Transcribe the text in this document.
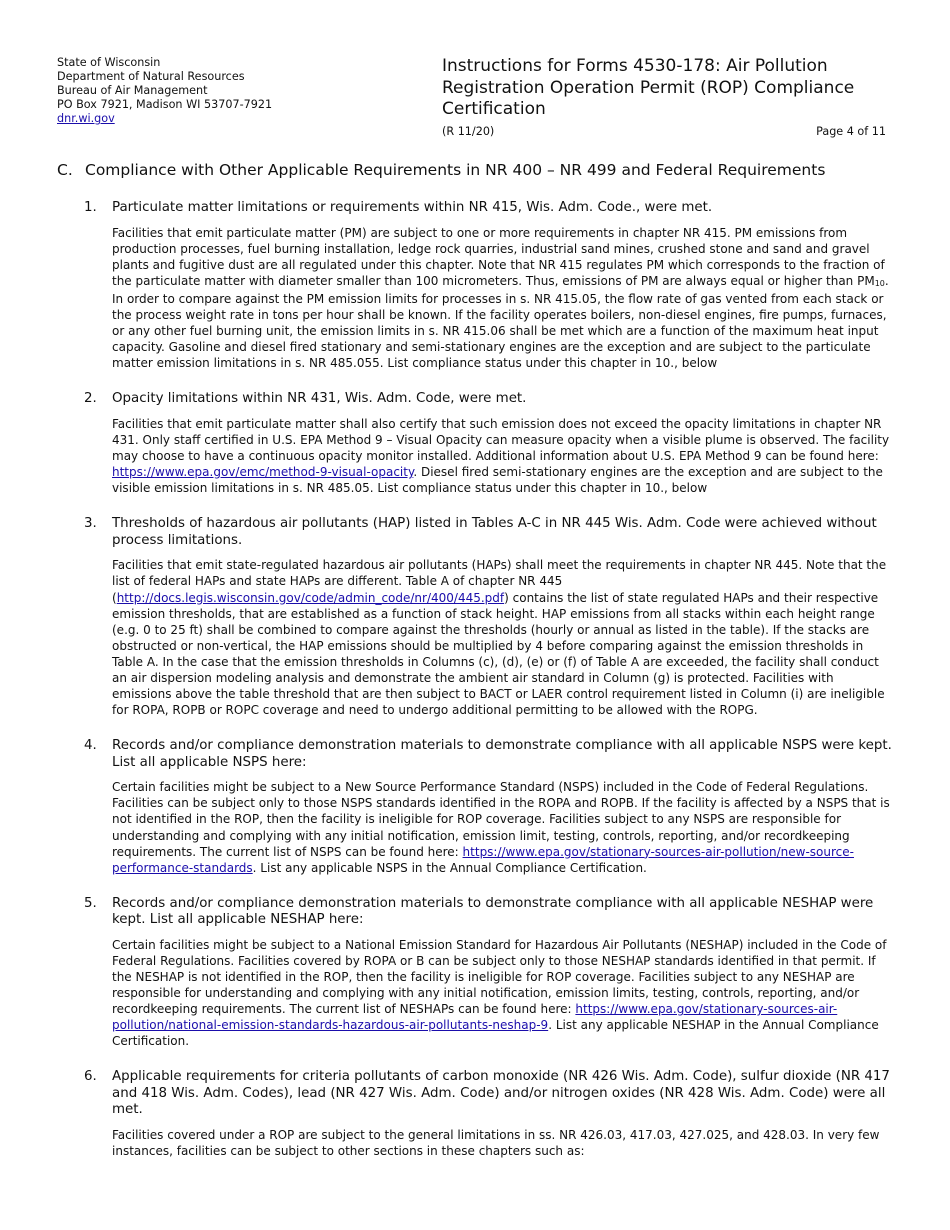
State of Wisconsin
Department of Natural Resources
Bureau of Air Management
PO Box 7921, Madison WI 53707-7921
dnr.wi.gov
Instructions for Forms 4530-178: Air Pollution Registration Operation Permit (ROP) Compliance Certification
(R 11/20)	Page 4 of 11
C. Compliance with Other Applicable Requirements in NR 400 – NR 499 and Federal Requirements
1. Particulate matter limitations or requirements within NR 415, Wis. Adm. Code., were met.

Facilities that emit particulate matter (PM) are subject to one or more requirements in chapter NR 415. PM emissions from production processes, fuel burning installation, ledge rock quarries, industrial sand mines, crushed stone and sand and gravel plants and fugitive dust are all regulated under this chapter. Note that NR 415 regulates PM which corresponds to the fraction of the particulate matter with diameter smaller than 100 micrometers. Thus, emissions of PM are always equal or higher than $PM_{10}$. In order to compare against the PM emission limits for processes in s. NR 415.05, the flow rate of gas vented from each stack or the process weight rate in tons per hour shall be known. If the facility operates boilers, non-diesel engines, fire pumps, furnaces, or any other fuel burning unit, the emission limits in s. NR 415.06 shall be met which are a function of the maximum heat input capacity. Gasoline and diesel fired stationary and semi-stationary engines are the exception and are subject to the particulate matter emission limitations in s. NR 485.055. List compliance status under this chapter in 10., below

2. Opacity limitations within NR 431, Wis. Adm. Code, were met.

Facilities that emit particulate matter shall also certify that such emission does not exceed the opacity limitations in chapter NR 431. Only staff certified in U.S. EPA Method 9 – Visual Opacity can measure opacity when a visible plume is observed. The facility may choose to have a continuous opacity monitor installed. Additional information about U.S. EPA Method 9 can be found here: https://www.epa.gov/emc/method-9-visual-opacity. Diesel fired semi-stationary engines are the exception and are subject to the visible emission limitations in s. NR 485.05. List compliance status under this chapter in 10., below

3. Thresholds of hazardous air pollutants (HAP) listed in Tables A-C in NR 445 Wis. Adm. Code were achieved without process limitations.

Facilities that emit state-regulated hazardous air pollutants (HAPs) shall meet the requirements in chapter NR 445. Note that the list of federal HAPs and state HAPs are different. Table A of chapter NR 445 (http://docs.legis.wisconsin.gov/code/admin_code/nr/400/445.pdf) contains the list of state regulated HAPs and their respective emission thresholds, that are established as a function of stack height. HAP emissions from all stacks within each height range (e.g. 0 to 25 ft) shall be combined to compare against the thresholds (hourly or annual as listed in the table). If the stacks are obstructed or non-vertical, the HAP emissions should be multiplied by 4 before comparing against the emission thresholds in Table A. In the case that the emission thresholds in Columns (c), (d), (e) or (f) of Table A are exceeded, the facility shall conduct an air dispersion modeling analysis and demonstrate the ambient air standard in Column (g) is protected. Facilities with emissions above the table threshold that are then subject to BACT or LAER control requirement listed in Column (i) are ineligible for ROPA, ROPB or ROPC coverage and need to undergo additional permitting to be allowed with the ROPG.

4. Records and/or compliance demonstration materials to demonstrate compliance with all applicable NSPS were kept. List all applicable NSPS here:

Certain facilities might be subject to a New Source Performance Standard (NSPS) included in the Code of Federal Regulations. Facilities can be subject only to those NSPS standards identified in the ROPA and ROPB. If the facility is affected by a NSPS that is not identified in the ROP, then the facility is ineligible for ROP coverage. Facilities subject to any NSPS are responsible for understanding and complying with any initial notification, emission limit, testing, controls, reporting, and/or recordkeeping requirements. The current list of NSPS can be found here: https://www.epa.gov/stationary-sources-air-pollution/new-source-performance-standards. List any applicable NSPS in the Annual Compliance Certification.

5. Records and/or compliance demonstration materials to demonstrate compliance with all applicable NESHAP were kept. List all applicable NESHAP here:

Certain facilities might be subject to a National Emission Standard for Hazardous Air Pollutants (NESHAP) included in the Code of Federal Regulations. Facilities covered by ROPA or B can be subject only to those NESHAP standards identified in that permit. If the NESHAP is not identified in the ROP, then the facility is ineligible for ROP coverage. Facilities subject to any NESHAP are responsible for understanding and complying with any initial notification, emission limits, testing, controls, reporting, and/or recordkeeping requirements. The current list of NESHAPs can be found here: https://www.epa.gov/stationary-sources-air-pollution/national-emission-standards-hazardous-air-pollutants-neshap-9. List any applicable NESHAP in the Annual Compliance Certification.

6. Applicable requirements for criteria pollutants of carbon monoxide (NR 426 Wis. Adm. Code), sulfur dioxide (NR 417 and 418 Wis. Adm. Codes), lead (NR 427 Wis. Adm. Code) and/or nitrogen oxides (NR 428 Wis. Adm. Code) were all met.

Facilities covered under a ROP are subject to the general limitations in ss. NR 426.03, 417.03, 427.025, and 428.03. In very few instances, facilities can be subject to other sections in these chapters such as:
